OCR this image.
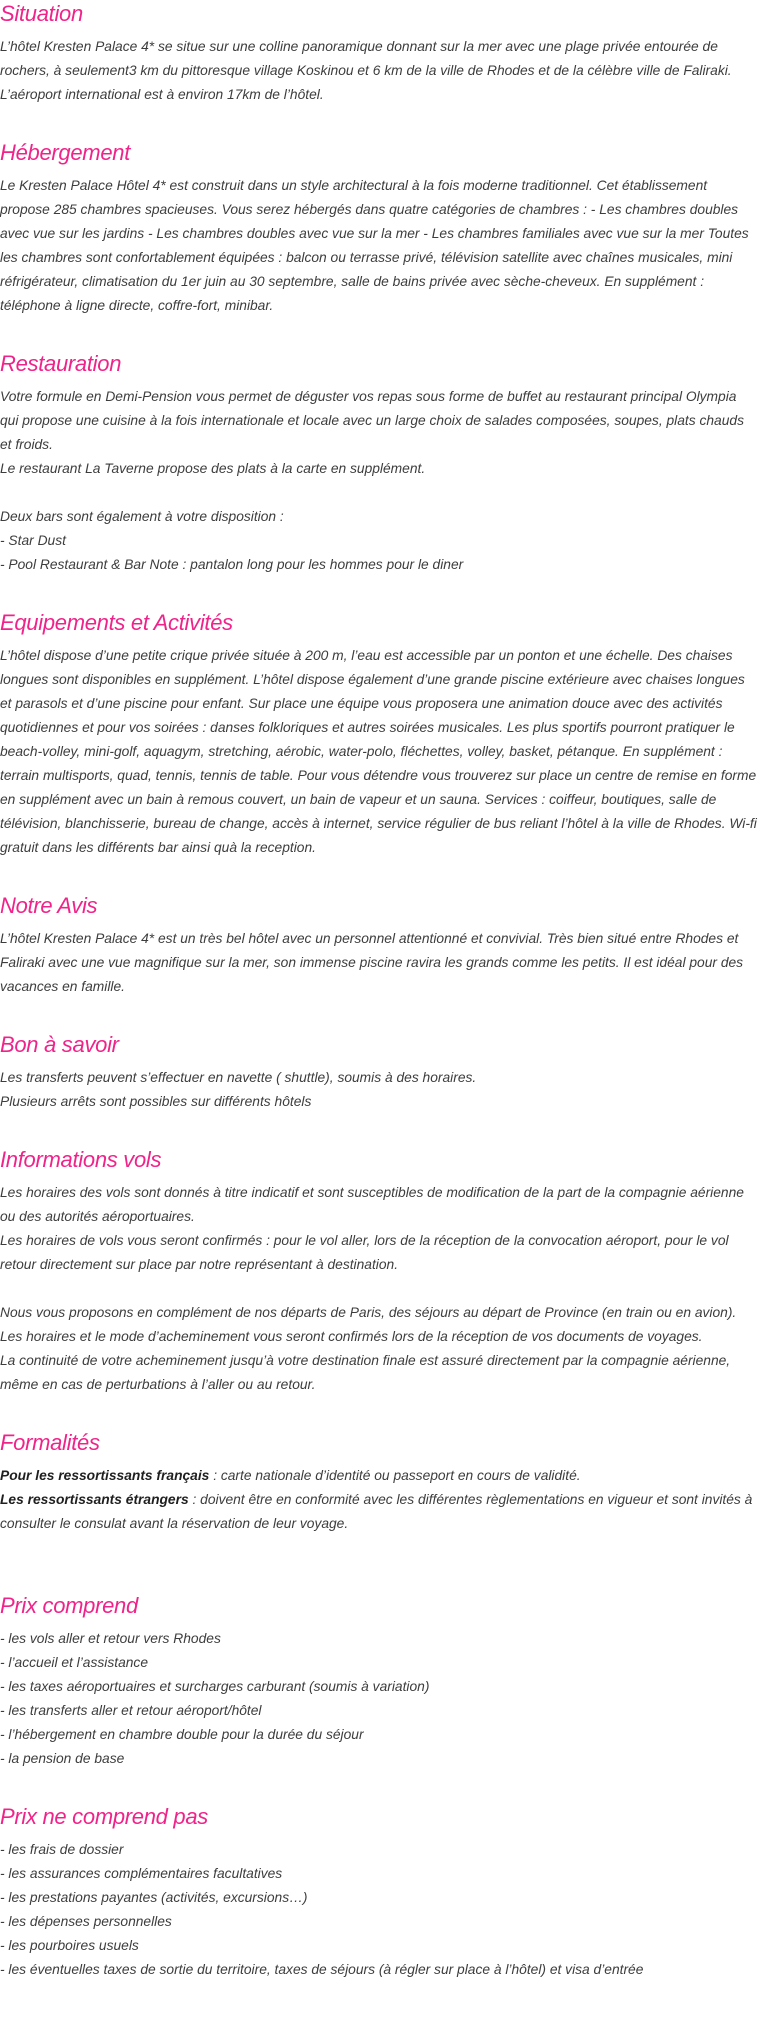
Situation

L’hôtel Kresten Palace 4* se situe sur une colline panoramique donnant sur la mer avec une plage privée entourée de rochers, à seulement3 km du pittoresque village Koskinou et 6 km de la ville de Rhodes et de la célèbre ville de Faliraki. L’aéroport international est à environ 17km de l’hôtel.

Hébergement

Le Kresten Palace Hôtel 4* est construit dans un style architectural à la fois moderne traditionnel. Cet établissement propose 285 chambres spacieuses. Vous serez hébergés dans quatre catégories de chambres : - Les chambres doubles avec vue sur les jardins - Les chambres doubles avec vue sur la mer - Les chambres familiales avec vue sur la mer Toutes les chambres sont confortablement équipées : balcon ou terrasse privé, télévision satellite avec chaînes musicales, mini réfrigérateur, climatisation du 1er juin au 30 septembre, salle de bains privée avec sèche-cheveux. En supplément : téléphone à ligne directe, coffre-fort, minibar.

Restauration

Votre formule en Demi-Pension vous permet de déguster vos repas sous forme de buffet au restaurant principal Olympia qui propose une cuisine à la fois internationale et locale avec un large choix de salades composées, soupes, plats chauds et froids.

Le restaurant La Taverne propose des plats à la carte en supplément.

Deux bars sont également à votre disposition :

- Star Dust

- Pool Restaurant & Bar Note : pantalon long pour les hommes pour le diner

Equipements et Activités

L’hôtel dispose d’une petite crique privée située à 200 m, l’eau est accessible par un ponton et une échelle. Des chaises longues sont disponibles en supplément. L’hôtel dispose également d’une grande piscine extérieure avec chaises longues et parasols et d’une piscine pour enfant. Sur place une équipe vous proposera une animation douce avec des activités quotidiennes et pour vos soirées : danses folkloriques et autres soirées musicales. Les plus sportifs pourront pratiquer le beach-volley, mini-golf, aquagym, stretching, aérobic, water-polo, fléchettes, volley, basket, pétanque. En supplément : terrain multisports, quad, tennis, tennis de table. Pour vous détendre vous trouverez sur place un centre de remise en forme en supplément avec un bain à remous couvert, un bain de vapeur et un sauna. Services : coiffeur, boutiques, salle de télévision, blanchisserie, bureau de change, accès à internet, service régulier de bus reliant l’hôtel à la ville de Rhodes. Wi-fi gratuit dans les différents bar ainsi quà la reception.

Notre Avis

L’hôtel Kresten Palace 4* est un très bel hôtel avec un personnel attentionné et convivial. Très bien situé entre Rhodes et Faliraki avec une vue magnifique sur la mer, son immense piscine ravira les grands comme les petits. Il est idéal pour des vacances en famille.

Bon à savoir

Les transferts peuvent s’effectuer en navette ( shuttle), soumis à des horaires.

Plusieurs arrêts sont possibles sur différents hôtels

Informations vols

Les horaires des vols sont donnés à titre indicatif et sont susceptibles de modification de la part de la compagnie aérienne ou des autorités aéroportuaires.

Les horaires de vols vous seront confirmés : pour le vol aller, lors de la réception de la convocation aéroport, pour le vol retour directement sur place par notre représentant à destination.

Nous vous proposons en complément de nos départs de Paris, des séjours au départ de Province (en train ou en avion).

Les horaires et le mode d’acheminement vous seront confirmés lors de la réception de vos documents de voyages.

La continuité de votre acheminement jusqu’à votre destination finale est assuré directement par la compagnie aérienne, même en cas de perturbations à l’aller ou au retour.

Formalités

Pour les ressortissants français : carte nationale d’identité ou passeport en cours de validité.

Les ressortissants étrangers : doivent être en conformité avec les différentes règlementations en vigueur et sont invités à consulter le consulat avant la réservation de leur voyage.

Prix comprend

- les vols aller et retour vers Rhodes

- l’accueil et l’assistance

- les taxes aéroportuaires et surcharges carburant (soumis à variation)

- les transferts aller et retour aéroport/hôtel

- l’hébergement en chambre double pour la durée du séjour

- la pension de base

Prix ne comprend pas

- les frais de dossier

- les assurances complémentaires facultatives

- les prestations payantes (activités, excursions…)

- les dépenses personnelles

- les pourboires usuels

- les éventuelles taxes de sortie du territoire, taxes de séjours (à régler sur place à l’hôtel) et visa d’entrée
